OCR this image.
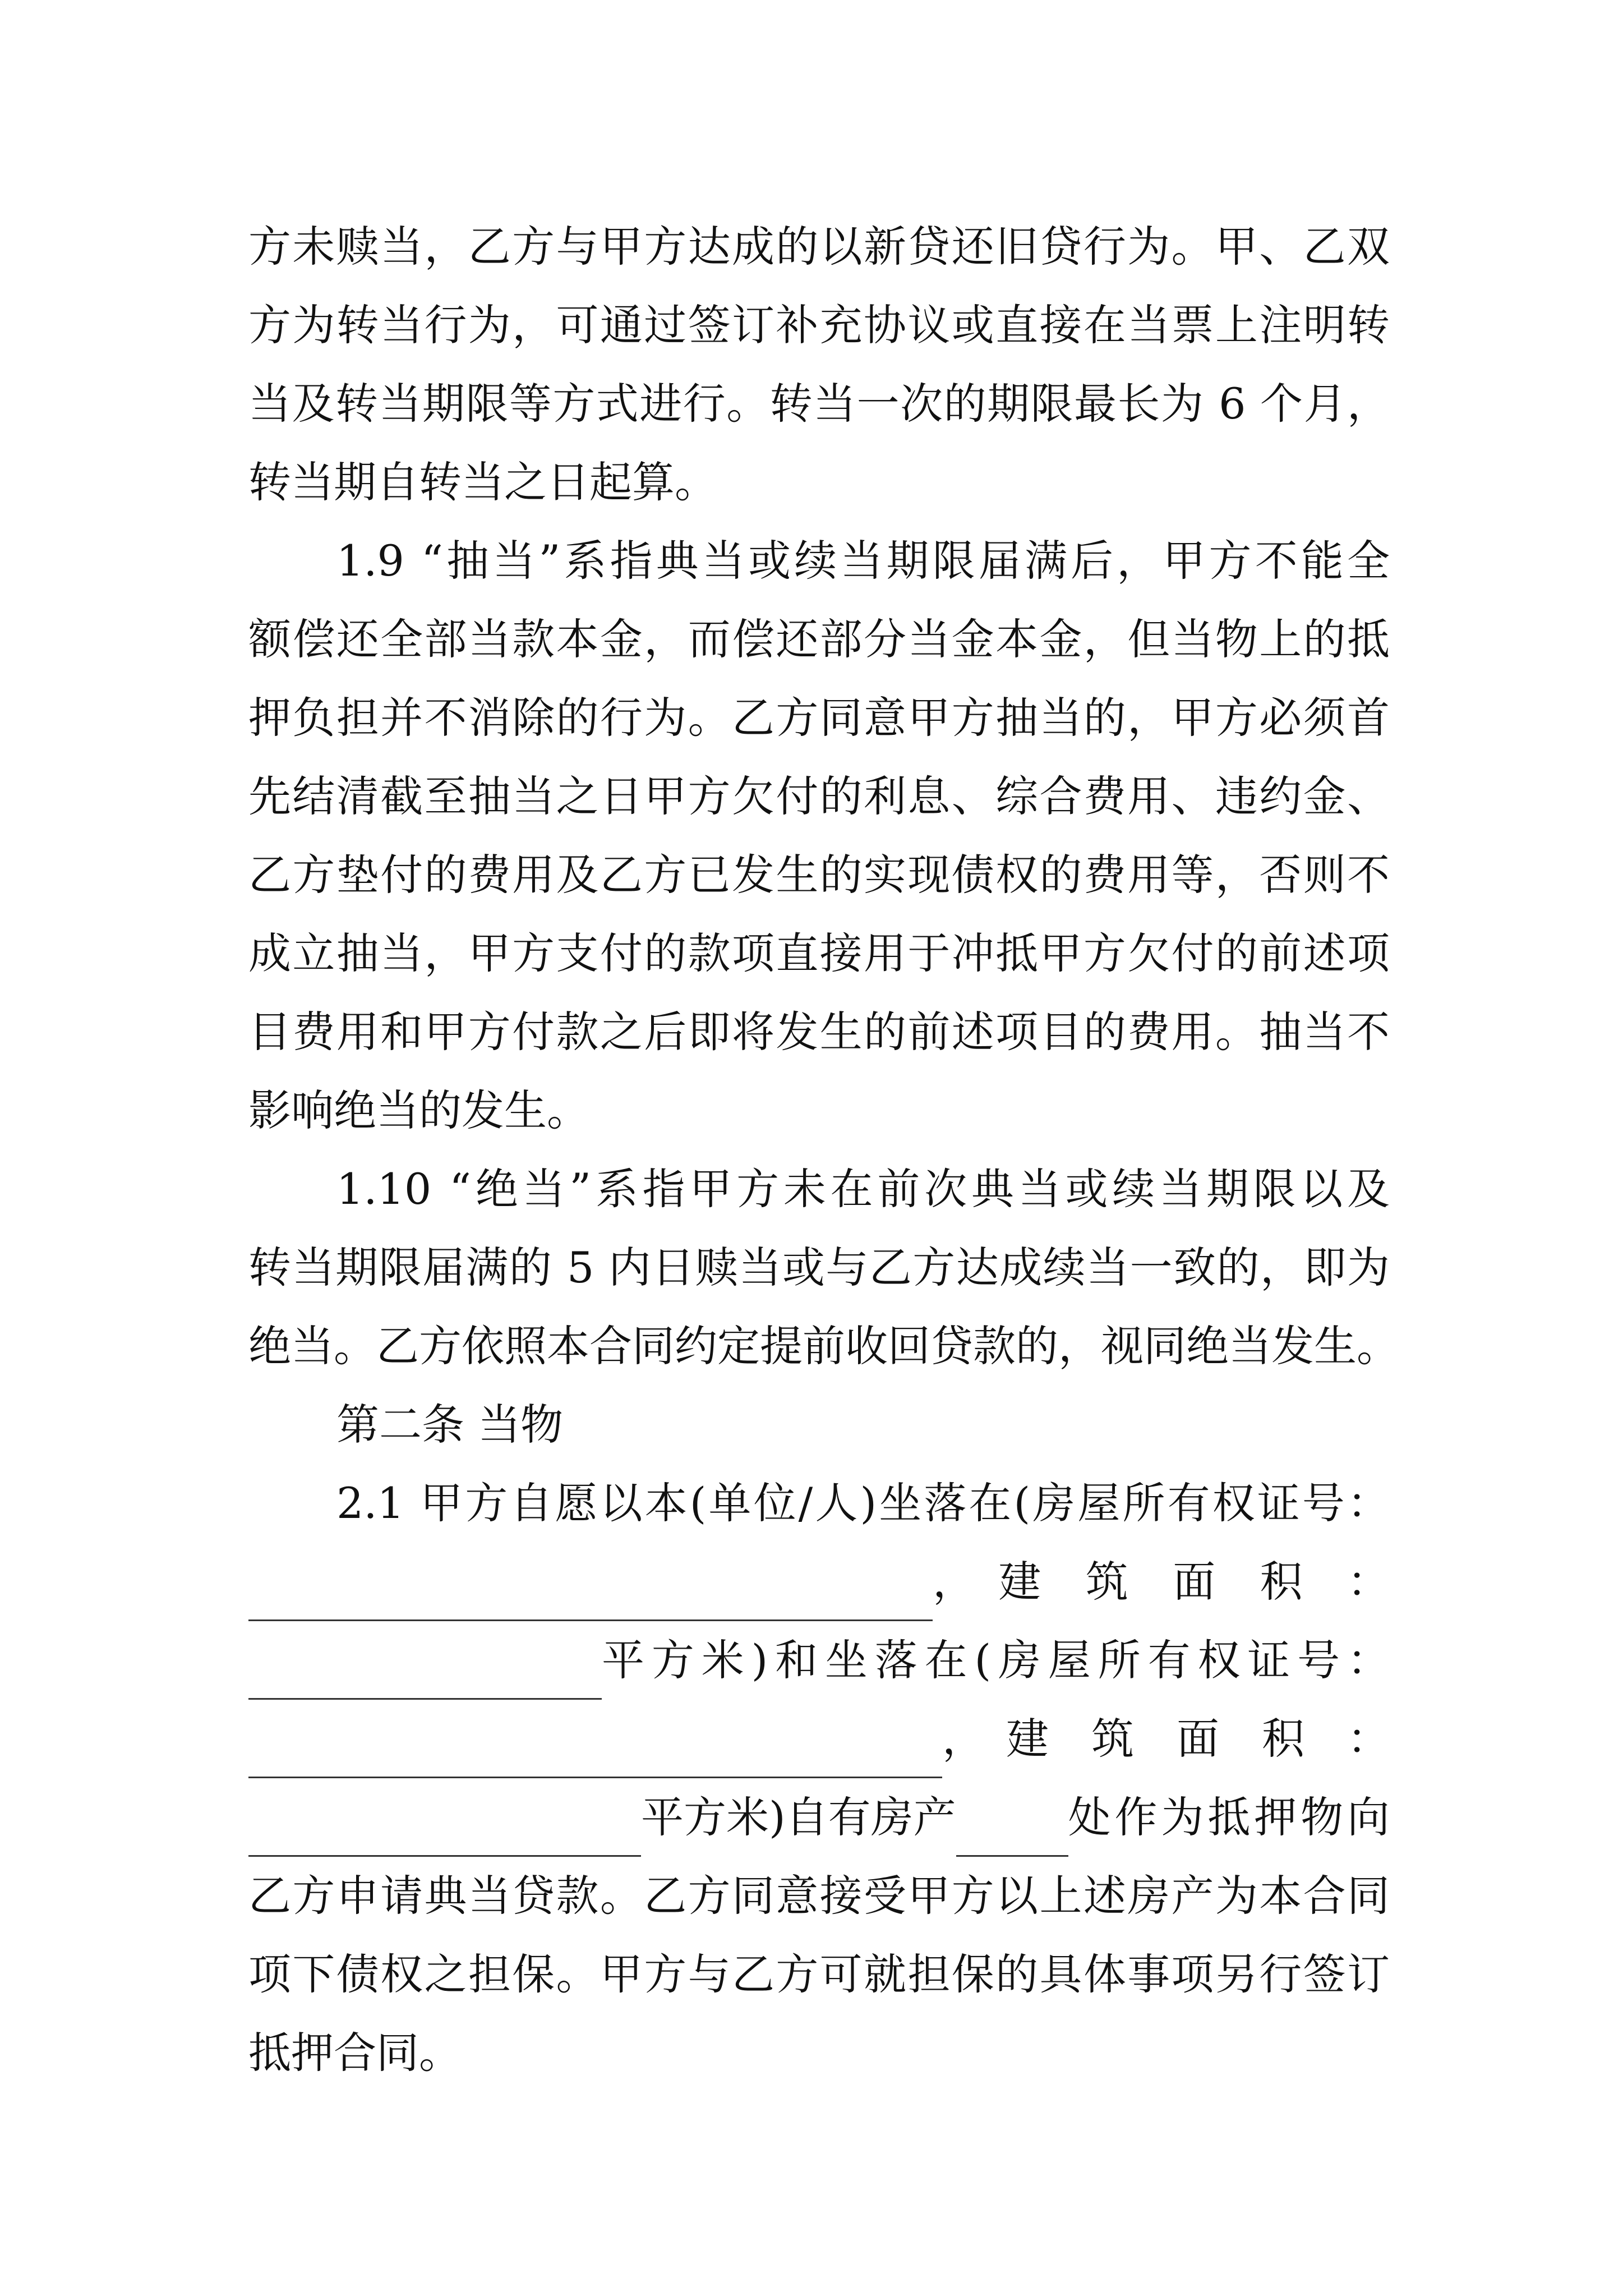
方未赎当，乙方与甲方达成的以新贷还旧贷行为。甲、乙双
方为转当行为，可通过签订补充协议或直接在当票上注明转
当及转当期限等方式进行。转当一次的期限最长为 6 个月，
转当期自转当之日起算。
1.9 “抽当”系指典当或续当期限届满后，甲方不能全
额偿还全部当款本金，而偿还部分当金本金，但当物上的抵
押负担并不消除的行为。乙方同意甲方抽当的，甲方必须首
先结清截至抽当之日甲方欠付的利息、综合费用、违约金、
乙方垫付的费用及乙方已发生的实现债权的费用等，否则不
成立抽当，甲方支付的款项直接用于冲抵甲方欠付的前述项
目费用和甲方付款之后即将发生的前述项目的费用。抽当不
影响绝当的发生。
1.10 “绝当”系指甲方未在前次典当或续当期限以及
转当期限届满的 5 内日赎当或与乙方达成续当一致的，即为
绝当。乙方依照本合同约定提前收回贷款的，视同绝当发生。
第二条 当物
2.1 甲方自愿以本(单位/人)坐落在(房屋所有权证号：
，　建　筑　面　积　：
平方米)和坐落在(房屋所有权证号：
，　建　筑　面　积　：
平方米)自有房产	处作为抵押物向
乙方申请典当贷款。乙方同意接受甲方以上述房产为本合同
项下债权之担保。甲方与乙方可就担保的具体事项另行签订
抵押合同。
